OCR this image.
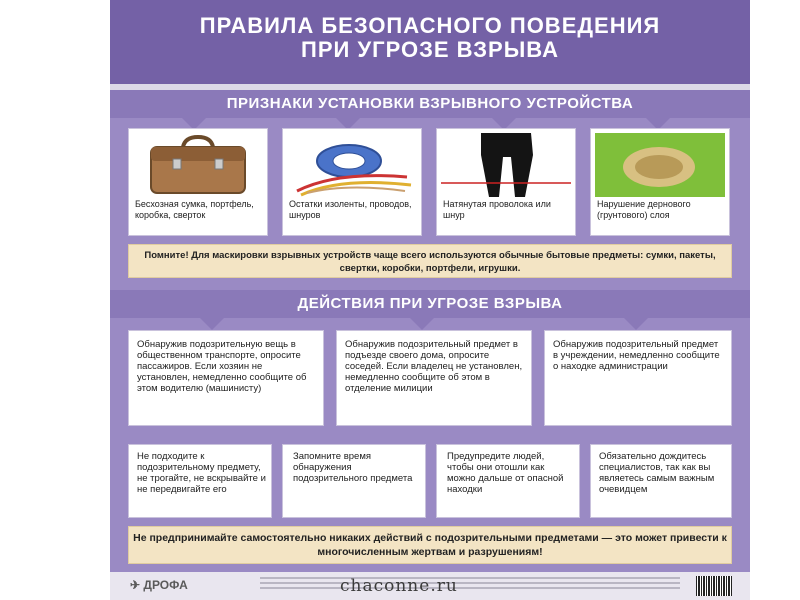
ПРАВИЛА БЕЗОПАСНОГО ПОВЕДЕНИЯ
ПРИ УГРОЗЕ ВЗРЫВА
ПРИЗНАКИ УСТАНОВКИ ВЗРЫВНОГО УСТРОЙСТВА
Бесхозная сумка, портфель, коробка, сверток
Остатки изоленты, проводов, шнуров
Натянутая проволока или шнур
Нарушение дернового (грунтового) слоя
Помните! Для маскировки взрывных устройств чаще всего используются обычные бытовые предметы: сумки, пакеты, свертки, коробки, портфели, игрушки.
ДЕЙСТВИЯ ПРИ УГРОЗЕ ВЗРЫВА
Обнаружив подозрительную вещь в общественном транспорте, опросите пассажиров. Если хозяин не установлен, немедленно сообщите об этом водителю (машинисту)
Обнаружив подозрительный предмет в подъезде своего дома, опросите соседей. Если владелец не установлен, немедленно сообщите об этом в отделение милиции
Обнаружив подозрительный предмет в учреждении, немедленно сообщите о находке администрации
Не подходите к подозрительному предмету, не трогайте, не вскрывайте и не передвигайте его
Запомните время обнаружения подозрительного предмета
Предупредите людей, чтобы они отошли как можно дальше от опасной находки
Обязательно дождитесь специалистов, так как вы являетесь самым важным очевидцем
Не предпринимайте самостоятельно никаких действий с подозрительными предметами — это может привести к многочисленным жертвам и разрушениям!
✈ ДРОФА	chaconne.ru
